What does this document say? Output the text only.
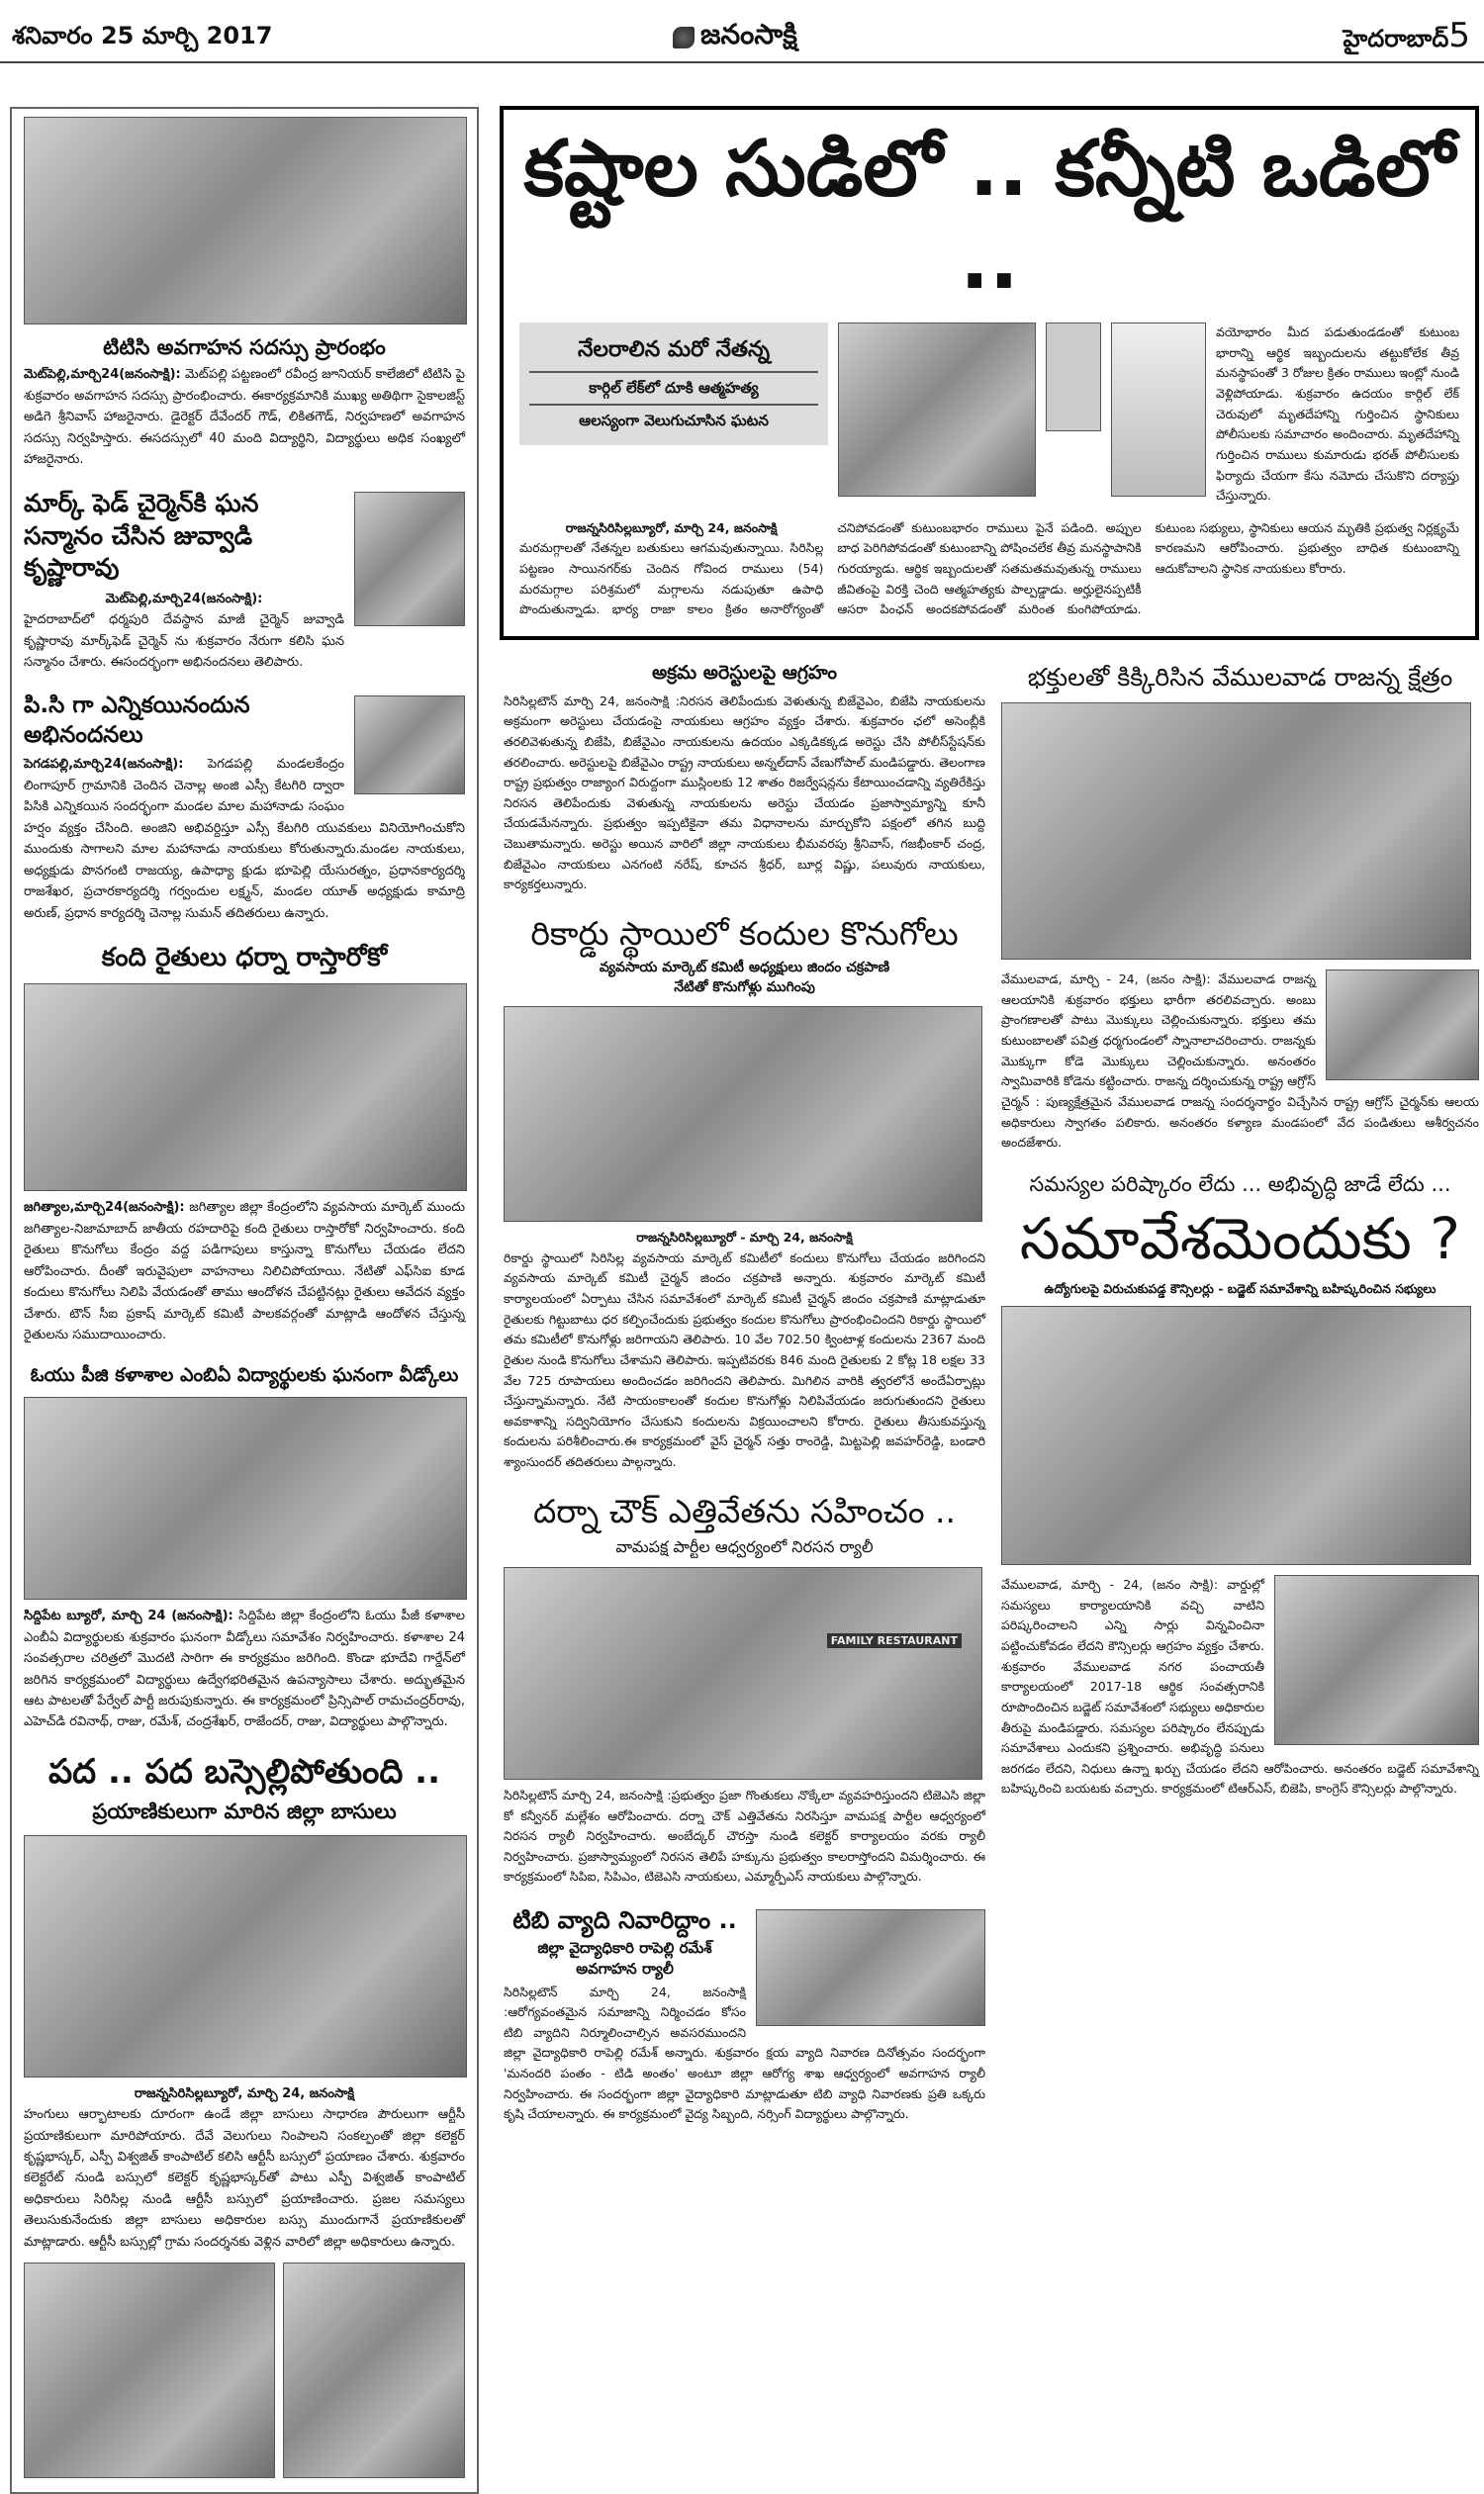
శనివారం 25 మార్చి 2017	జనంసాక్షి	హైదరాబాద్5
టిటిసి అవగాహన సదస్సు ప్రారంభం
మెట్‌పెల్లి,మార్చి24(జనంసాక్షి): మెట్‌పల్లి పట్టణంలో రవీంద్ర జూనియర్ కాలేజిలో టిటిసి పై శుక్రవారం అవగాహన సదస్సు ప్రారంభించారు. ఈకార్యక్రమానికి ముఖ్య అతిథిగా సైకాలజిస్ట్ అడిగె శ్రీనివాస్ హాజరైనారు. డైరెక్టర్ దేవేందర్ గౌడ్, లికితగౌడ్, నిర్వహణలో అవగాహన సదస్సు నిర్వహిస్తారు. ఈసదస్సులో 40 మంది విద్యార్థిని, విద్యార్థులు అధిక సంఖ్యలో హాజరైనారు.
మార్క్ ఫెడ్ చైర్మెన్‌కి ఘన సన్మానం చేసిన జువ్వాడి కృష్ణారావు
మెట్‌పెల్లి,మార్చి24(జనంసాక్షి):
హైదరాబాద్‌లో ధర్మపురి దేవస్థాన మాజీ చైర్మెన్ జువ్వాడి కృష్ణారావు మార్క్‌ఫెడ్ చైర్మెన్ ను శుక్రవారం నేరుగా కలిసి ఘన సన్మానం చేశారు. ఈసందర్భంగా అభినందనలు తెలిపారు.
పి.సి గా ఎన్నికయినందున అభినందనలు
పెగడపల్లి,మార్చి24(జనంసాక్షి): పెగడపల్లి మండలకేంద్రం లింగాపూర్ గ్రామానికి చెందిన చెనాల్ల అంజి ఎస్సీ కేటగిరి ద్వారా పిసికి ఎన్నికయిన సందర్భంగా మండల మాల మహానాడు సంఘం హర్షం వ్యక్తం చేసింది. అంజిని అభివర్దిస్తూ ఎస్సీ కేటగిరి యువకులు వినియోగించుకోని ముందుకు సాగాలని మాల మహానాడు నాయకులు కోరుతున్నారు.మండల నాయకులు, అధ్యక్షుడు పొనగంటి రాజయ్య, ఉపాధ్యా క్షుడు భూపెల్లి యేసురత్నం, ప్రధానకార్యదర్శి రాజశేఖర, ప్రచారకార్యదర్శి గర్వందుల లక్ష్మన్, మండల యూత్ అధ్యక్షుడు కామాద్రి అరుణ్, ప్రధాన కార్యదర్శి చెనాల్ల సుమన్ తదితరులు ఉన్నారు.
కంది రైతులు ధర్నా రాస్తారోకో
జగిత్యాల,మార్చి24(జనంసాక్షి): జగిత్యాల జిల్లా కేంద్రంలోని వ్యవసాయ మార్కెట్ ముందు జగిత్యాల-నిజామాబాద్ జాతీయ రహదారిపై కంది రైతులు రాస్తారోకో నిర్వహించారు. కంది రైతులు కొనుగోలు కేంద్రం వద్ద పడిగాపులు కాస్తున్నా కొనుగోలు చేయడం లేదని ఆరోపించారు. దీంతో ఇరువైపులా వాహనాలు నిలిచిపోయాయి. నేటితో ఎఫ్‌సిఐ కూడ కందులు కొనుగోలు నిలిపి వేయడంతో తాము ఆందోళన చేపట్టినట్లు రైతులు ఆవేదన వ్యక్తం చేశారు. టౌన్ సీఐ ప్రకాష్ మార్కెట్ కమిటీ పాలకవర్గంతో మాట్లాడి ఆందోళన చేస్తున్న రైతులను సముదాయించారు.
ఓయు పీజి కళాశాల ఎంబిఏ విద్యార్థులకు ఘనంగా వీడ్కోలు
సిద్దిపేట బ్యూరో, మార్చి 24 (జనంసాక్షి): సిద్దిపేట జిల్లా కేంద్రంలోని ఓయు పీజీ కళాశాల ఎంబీఏ విద్యార్థులకు శుక్రవారం ఘనంగా వీడ్కోలు సమావేశం నిర్వహించారు. కళాశాల 24 సంవత్సరాల చరిత్రలో మొదటి సారిగా ఈ కార్యక్రమం జరిగింది. కొండా భూదేవి గార్డేన్‌లో జరిగిన కార్యక్రమంలో విద్యార్థులు ఉద్వేగభరితమైన ఉపన్యాసాలు చేశారు. అద్భుతమైన ఆట పాటలతో పేర్వేల్ పార్టీ జరుపుకున్నారు. ఈ కార్యక్రమంలో ప్రిన్సిపాల్ రామచంద్రర్‌రావు, ఎహెచ్‌డి రవినాథ్, రాజు, రమేశ్, చంద్రశేఖర్, రాజేందర్, రాజు, విద్యార్థులు పాల్గొన్నారు.
పద .. పద బస్సెల్లిపోతుంది ..
ప్రయాణికులుగా మారిన జిల్లా బాసులు
రాజన్నసిరిసిల్లబ్యూరో, మార్చి 24, జనంసాక్షి
హంగులు ఆర్భాటాలకు దూరంగా ఉండే జిల్లా బాసులు సాధారణ పౌరులుగా ఆర్టీసీ ప్రయాణికులుగా మారిపోయారు. దేవే వెలుగులు నింపాలని సంకల్పంతో జిల్లా కలెక్టర్ కృష్ణభాస్కర్, ఎస్పీ విశ్వజిత్ కాంపాటిల్ కలిసి ఆర్టీసీ బస్సులో ప్రయాణం చేశారు. శుక్రవారం కలెక్టరేట్ నుండి బస్సులో కలెక్టర్ కృష్ణభాస్కర్‌తో పాటు ఎస్పీ విశ్వజిత్ కాంపాటిల్ అధికారులు సిరిసిల్ల నుండి ఆర్టీసీ బస్సులో ప్రయాణించారు. ప్రజల సమస్యలు తెలుసుకునేందుకు జిల్లా బాసులు అధికారుల బస్సు ముందుగానే ప్రయాణికులతో మాట్లాడారు. ఆర్టీసీ బస్సుల్లో గ్రామ సందర్శనకు వెళ్లిన వారిలో జిల్లా అధికారులు ఉన్నారు.
కష్టాల సుడిలో .. కన్నీటి ఒడిలో ..
నేలరాలిన మరో నేతన్న
కార్గిల్ లేక్‌లో దూకి ఆత్మహత్య
ఆలస్యంగా వెలుగుచూసిన ఘటన
వయోభారం మీద పడుతుండడంతో కుటుంబ భారాన్ని ఆర్థిక ఇబ్బందులను తట్టుకోలేక తీవ్ర మనస్థాపంతో 3 రోజుల క్రితం రాములు ఇంట్లో నుండి వెళ్లిపోయాడు. శుక్రవారం ఉదయం కార్గిల్ లేక్ చెరువులో మృతదేహాన్ని గుర్తించిన స్థానికులు పోలీసులకు సమాచారం అందించారు. మృతదేహాన్ని గుర్తించిన రాములు కుమారుడు భరత్ పోలీసులకు ఫిర్యాదు చేయగా కేసు నమోదు చేసుకొని దర్యాప్తు చేస్తున్నారు.
రాజన్నసిరిసిల్లబ్యూరో, మార్చి 24, జనంసాక్షి
మరమగ్గాలతో నేతన్నల బతుకులు ఆగమవుతున్నాయి. సిరిసిల్ల పట్టణం సాయినగర్‌కు చెందిన గోవింద రాములు (54) మరమగ్గాల పరిశ్రమలో మగ్గాలను నడుపుతూ ఉపాధి పొందుతున్నాడు. భార్య రాజా కాలం క్రితం అనారోగ్యంతో చనిపోవడంతో కుటుంబభారం రాములు పైనే పడింది. అప్పుల బాధ పెరిగిపోవడంతో కుటుంబాన్ని పోషించలేక తీవ్ర మనస్థాపానికి గురయ్యాడు. ఆర్థిక ఇబ్బందులతో సతమతమవుతున్న రాములు జీవితంపై విరక్తి చెంది ఆత్మహత్యకు పాల్పడ్డాడు. అర్హులైనప్పటికీ ఆసరా పింఛన్ అందకపోవడంతో మరింత కుంగిపోయాడు. కుటుంబ సభ్యులు, స్థానికులు ఆయన మృతికి ప్రభుత్వ నిర్లక్ష్యమే కారణమని ఆరోపించారు. ప్రభుత్వం బాధిత కుటుంబాన్ని ఆదుకోవాలని స్థానిక నాయకులు కోరారు.
అక్రమ అరెస్టులపై ఆగ్రహం
సిరిసిల్లటౌన్‌ మార్చి 24, జనంసాక్షి :నిరసన తెలిపేందుకు వెళుతున్న బిజేవైఎం, బిజేపి నాయకులను అక్రమంగా అరెస్టులు చేయడంపై నాయకులు ఆగ్రహం వ్యక్తం చేశారు. శుక్రవారం ఛలో అసెంబ్లీకి తరలివెళుతున్న బిజేపి, బిజేవైఎం నాయకులను ఉదయం ఎక్కడికక్కడ అరెస్టు చేసి పోలీస్‌స్టేషన్‌కు తరలించారు. అరెస్టులపై బిజేవైఎం రాష్ట్ర నాయకులు అన్నల్‌దాస్ వేణుగోపాల్ మండిపడ్డారు. తెలంగాణ రాష్ట్ర ప్రభుత్వం రాజ్యాంగ విరుద్దంగా ముస్లింలకు 12 శాతం రిజర్వేషన్లను కేటాయించడాన్ని వ్యతిరేకిస్తు నిరసన తెలిపేందుకు వెళుతున్న నాయకులను అరెస్టు చేయడం ప్రజాస్వామ్యాన్ని కూనీ చేయడమేనన్నారు. ప్రభుత్వం ఇప్పటికైనా తమ విధానాలను మార్చుకోని పక్షంలో తగిన బుద్ది చెబుతామన్నారు. అరెస్టు అయిన వారిలో జిల్లా నాయకులు భీమవరపు శ్రీనివాస్, గజభీంకార్ చంద్ర, బిజేవైఎం నాయకులు ఎనగంటి నరేష్, కూచన శ్రీధర్, బూర్ల విష్ణు, పలువురు నాయకులు, కార్యకర్తలున్నారు.
రికార్డు స్థాయిలో కందుల కొనుగోలు
వ్యవసాయ మార్కెట్ కమిటీ అధ్యక్షులు జిందం చక్రపాణి
నేటితో కొనుగోళ్లు ముగింపు
రాజన్నసిరిసిల్లబ్యూరో - మార్చి 24, జనంసాక్షి
రికార్డు స్థాయిలో సిరిసిల్ల వ్యవసాయ మార్కెట్ కమిటీలో కందులు కొనుగోలు చేయడం జరిగిందని వ్యవసాయ మార్కెట్ కమిటీ చైర్మన్ జిందం చక్రపాణి అన్నారు. శుక్రవారం మార్కెట్ కమిటీ కార్యాలయంలో ఏర్పాటు చేసిన సమావేశంలో మార్కెట్ కమిటీ చైర్మన్ జిందం చక్రపాణి మాట్లాడుతూ రైతులకు గిట్టుబాటు ధర కల్పించేందుకు ప్రభుత్వం కందుల కొనుగోలు ప్రారంభించిందని రికార్డు స్థాయిలో తమ కమిటీలో కొనుగోళ్లు జరిగాయని తెలిపారు. 10 వేల 702.50 క్వింటాళ్ల కందులను 2367 మంది రైతుల నుండి కొనుగోలు చేశామని తెలిపారు. ఇప్పటివరకు 846 మంది రైతులకు 2 కోట్ల 18 లక్షల 33 వేల 725 రూపాయలు అందించడం జరిగిందని తెలిపారు. మిగిలిన వారికి త్వరలోనే అందేఏర్పాట్లు చేస్తున్నామన్నారు. నేటి సాయంకాలంతో కందుల కొనుగోళ్లు నిలిపివేయడం జరుగుతుందని రైతులు అవకాశాన్ని సద్వినియోగం చేసుకుని కందులను విక్రయించాలని కోరారు. రైతులు తీసుకువస్తున్న కందులను పరిశీలించారు.ఈ కార్యక్రమంలో వైస్ చైర్మన్ సత్తు రాంరెడ్డి, మిట్టపెల్లి జవహర్‌రెడ్డి, బండారి శ్యాంసుందర్ తదితరులు పాల్గన్నారు.
దర్నా చౌక్ ఎత్తివేతను సహించం ..
వామపక్ష పార్టీల ఆధ్వర్యంలో నిరసన ర్యాలీ
FAMILY RESTAURANT
సిరిసిల్లటౌన్‌ మార్చి 24, జనంసాక్షి :ప్రభుత్వం ప్రజా గొంతుకలు నొక్కేలా వ్యవహరిస్తుందని టిజెఎసి జిల్లా కో కన్వీనర్ మల్లేశం ఆరోపించారు. దర్నా చౌక్ ఎత్తివేతను నిరసిస్తూ వామపక్ష పార్టీల ఆధ్వర్యంలో నిరసన ర్యాలీ నిర్వహించారు. అంబేద్కర్ చౌరస్తా నుండి కలెక్టర్ కార్యాలయం వరకు ర్యాలీ నిర్వహించారు. ప్రజాస్వామ్యంలో నిరసన తెలిపే హక్కును ప్రభుత్వం కాలరాస్తోందని విమర్శించారు. ఈ కార్యక్రమంలో సిపిఐ, సిపిఎం, టిజెఎసి నాయకులు, ఎమ్మార్పీఎస్ నాయకులు పాల్గొన్నారు.
టిబి వ్యాది నివారిద్దాం ..
జిల్లా వైద్యాధికారి రాపెల్లి రమేశ్
అవగాహన ర్యాలీ
సిరిసిల్లటౌన్ మార్చి 24, జనంసాక్షి :ఆరోగ్యవంతమైన సమాజాన్ని నిర్మించడం కోసం టిబి వ్యాదిని నిర్మూలించాల్సిన అవసరముందని జిల్లా వైద్యాధికారి రాపెల్లి రమేశ్ అన్నారు. శుక్రవారం క్షయ వ్యాది నివారణ దినోత్సవం సందర్భంగా 'మనందరి పంతం - టిడి అంతం' అంటూ జిల్లా ఆరోగ్య శాఖ ఆధ్వర్యంలో అవగాహన ర్యాలీ నిర్వహించారు. ఈ సందర్భంగా జిల్లా వైద్యాధికారి మాట్లాడుతూ టిబి వ్యాధి నివారణకు ప్రతి ఒక్కరు కృషి చేయాలన్నారు. ఈ కార్యక్రమంలో వైద్య సిబ్బంది, నర్సింగ్ విద్యార్థులు పాల్గొన్నారు.
భక్తులతో కిక్కిరిసిన వేములవాడ రాజన్న క్షేత్రం
వేములవాడ, మార్చి - 24, (జనం సాక్షి): వేములవాడ రాజన్న ఆలయానికి శుక్రవారం భక్తులు భారీగా తరలివచ్చారు. అంబు ప్రాంగణాలతో పాటు మొక్కులు చెల్లించుకున్నారు. భక్తులు తమ కుటుంబాలతో పవిత్ర ధర్మగుండంలో స్నానాలాచరించారు. రాజన్నకు మొక్కుగా కోడె మొక్కులు చెల్లించుకున్నారు. అనంతరం స్వామివారికి కోడెను కట్టించారు. రాజన్న దర్శించుకున్న రాష్ట్ర ఆగ్రోస్ చైర్మన్ : పుణ్యక్షేత్రమైన వేములవాడ రాజన్న సందర్శనార్థం విచ్చేసిన రాష్ట్ర ఆగ్రోస్ చైర్మన్‌కు ఆలయ అధికారులు స్వాగతం పలికారు. అనంతరం కళ్యాణ మండపంలో వేద పండితులు ఆశీర్వచనం అందజేశారు.
సమస్యల పరిష్కారం లేదు ... అభివృద్ధి జాడే లేదు ...
సమావేశమెందుకు ?
ఉద్యోగులపై విరుచుకుపడ్డ కౌన్సిలర్లు - బడ్జెట్ సమావేశాన్ని బహిష్కరించిన సభ్యులు
వేములవాడ, మార్చి - 24, (జనం సాక్షి): వార్డుల్లో సమస్యలు కార్యాలయానికి వచ్చి వాటిని పరిష్కరించాలని ఎన్ని సార్లు విన్నవించినా పట్టించుకోవడం లేదని కౌన్సిలర్లు ఆగ్రహం వ్యక్తం చేశారు. శుక్రవారం వేములవాడ నగర పంచాయతీ కార్యాలయంలో 2017-18 ఆర్థిక సంవత్సరానికి రూపొందించిన బడ్జెట్ సమావేశంలో సభ్యులు అధికారుల తీరుపై మండిపడ్డారు. సమస్యల పరిష్కారం లేనప్పుడు సమావేశాలు ఎందుకని ప్రశ్నించారు. అభివృద్ధి పనులు జరగడం లేదని, నిధులు ఉన్నా ఖర్చు చేయడం లేదని ఆరోపించారు. అనంతరం బడ్జెట్ సమావేశాన్ని బహిష్కరించి బయటకు వచ్చారు. కార్యక్రమంలో టిఆర్ఎస్, బిజెపి, కాంగ్రెస్ కౌన్సిలర్లు పాల్గొన్నారు.
